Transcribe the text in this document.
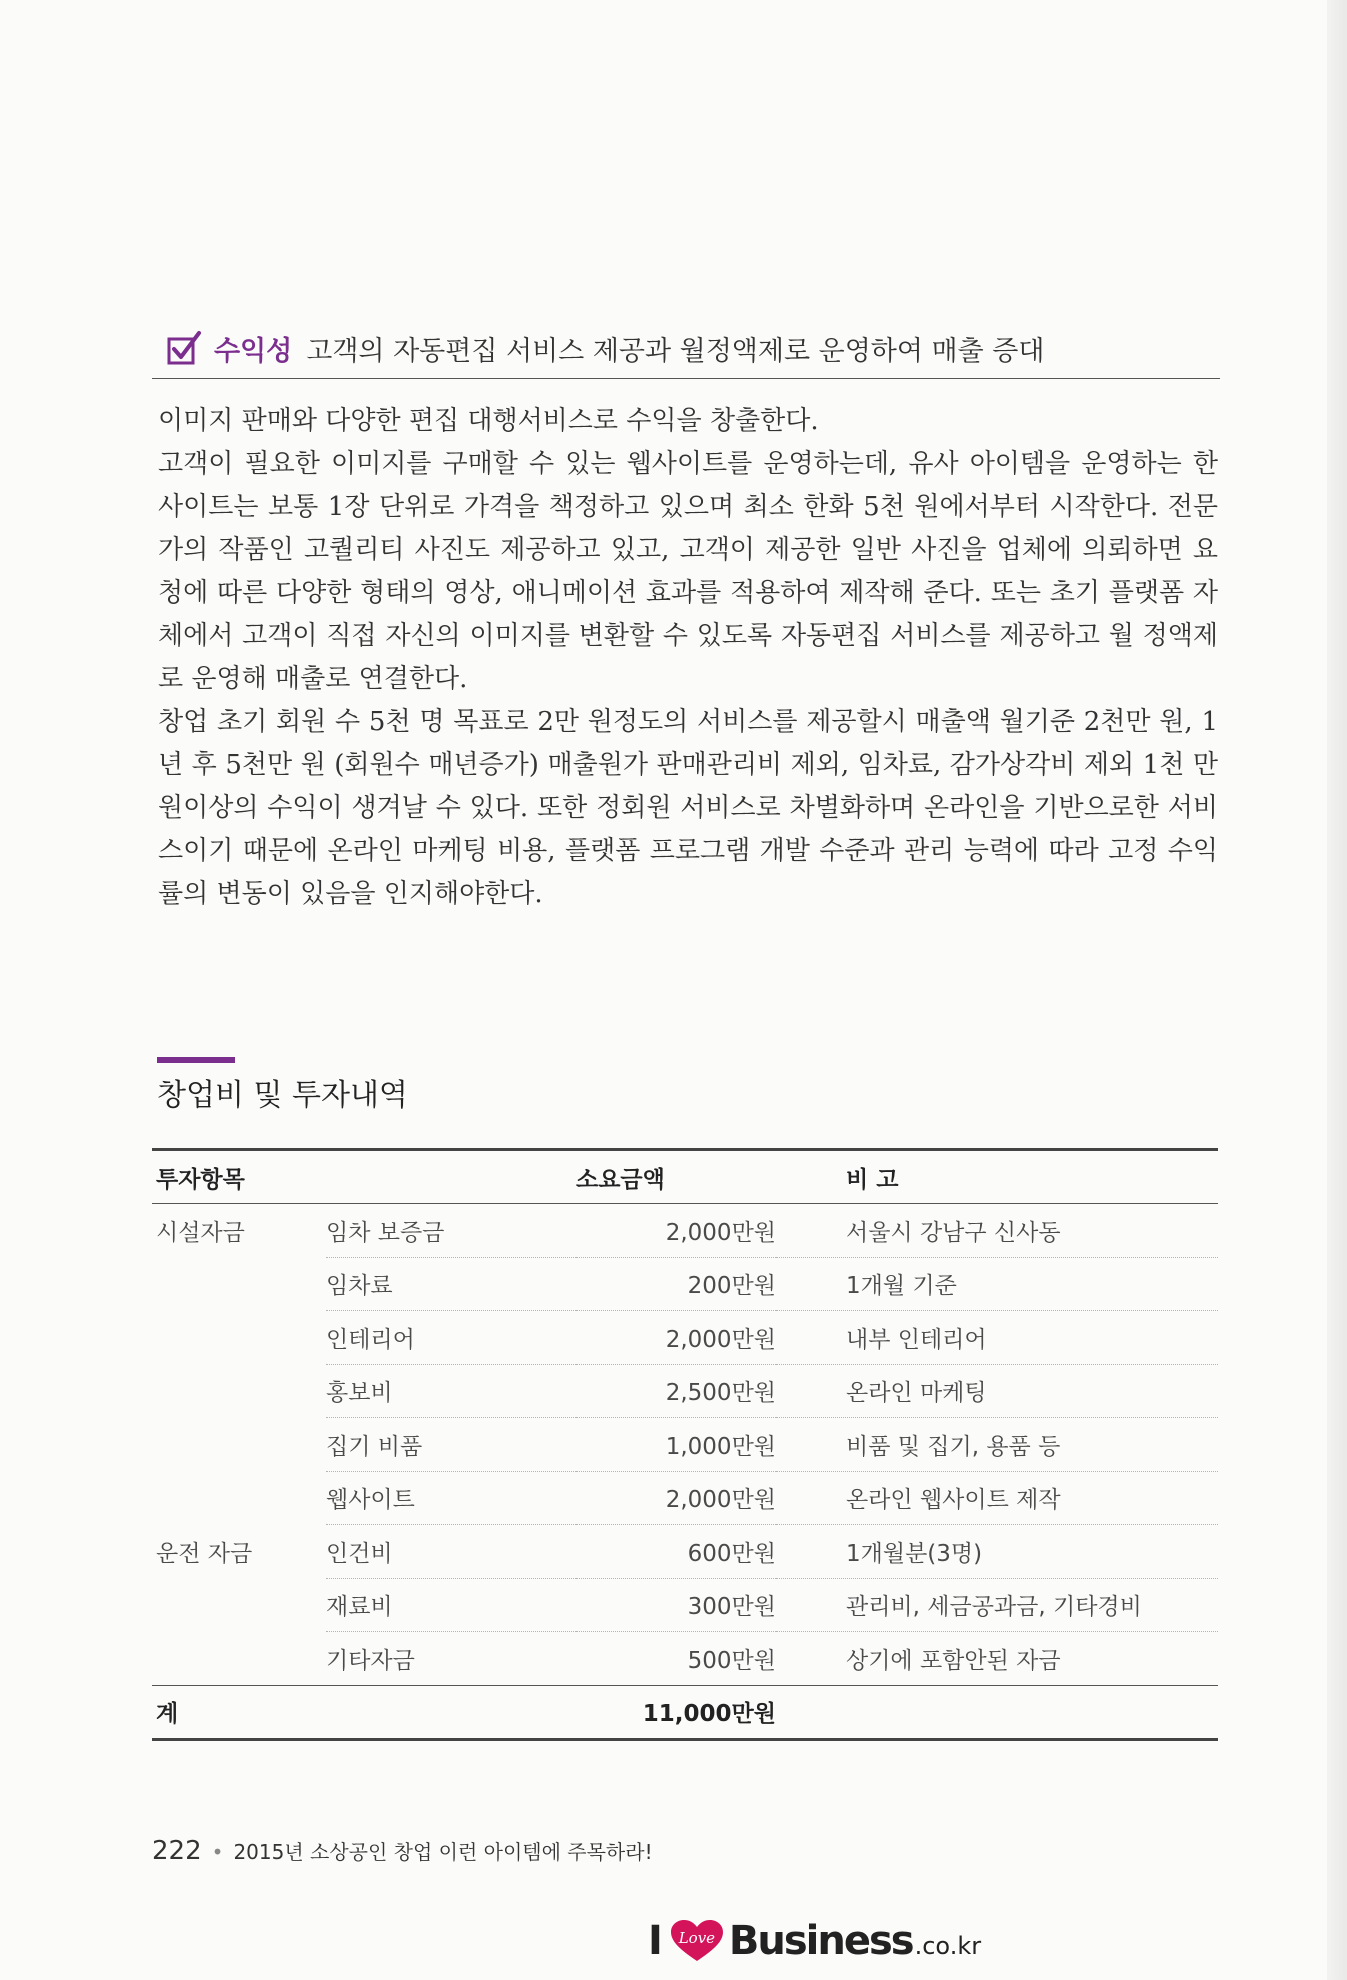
수익성 고객의 자동편집 서비스 제공과 월정액제로 운영하여 매출 증대

이미지 판매와 다양한 편집 대행서비스로 수익을 창출한다.

고객이 필요한 이미지를 구매할 수 있는 웹사이트를 운영하는데, 유사 아이템을 운영하는 한 사이트는 보통 1장 단위로 가격을 책정하고 있으며 최소 한화 5천 원에서부터 시작한다. 전문가의 작품인 고퀄리티 사진도 제공하고 있고, 고객이 제공한 일반 사진을 업체에 의뢰하면 요청에 따른 다양한 형태의 영상, 애니메이션 효과를 적용하여 제작해 준다. 또는 초기 플랫폼 자체에서 고객이 직접 자신의 이미지를 변환할 수 있도록 자동편집 서비스를 제공하고 월 정액제로 운영해 매출로 연결한다.

창업 초기 회원 수 5천 명 목표로 2만 원정도의 서비스를 제공할시 매출액 월기준 2천만 원, 1년 후 5천만 원 (회원수 매년증가) 매출원가 판매관리비 제외, 임차료, 감가상각비 제외 1천 만원이상의 수익이 생겨날 수 있다. 또한 정회원 서비스로 차별화하며 온라인을 기반으로한 서비스이기 때문에 온라인 마케팅 비용, 플랫폼 프로그램 개발 수준과 관리 능력에 따라 고정 수익률의 변동이 있음을 인지해야한다.

창업비 및 투자내역
투자항목		소요금액	비 고
시설자금	임차 보증금	2,000만원	서울시 강남구 신사동
	임차료	200만원	1개월 기준
	인테리어	2,000만원	내부 인테리어
	홍보비	2,500만원	온라인 마케팅
	집기 비품	1,000만원	비품 및 집기, 용품 등
	웹사이트	2,000만원	온라인 웹사이트 제작
운전 자금	인건비	600만원	1개월분(3명)
	재료비	300만원	관리비, 세금공과금, 기타경비
	기타자금	500만원	상기에 포함안된 자금
계		11,000만원	
222 • 2015년 소상공인 창업 이런 아이템에 주목하라!
I	Love Business .co.kr
